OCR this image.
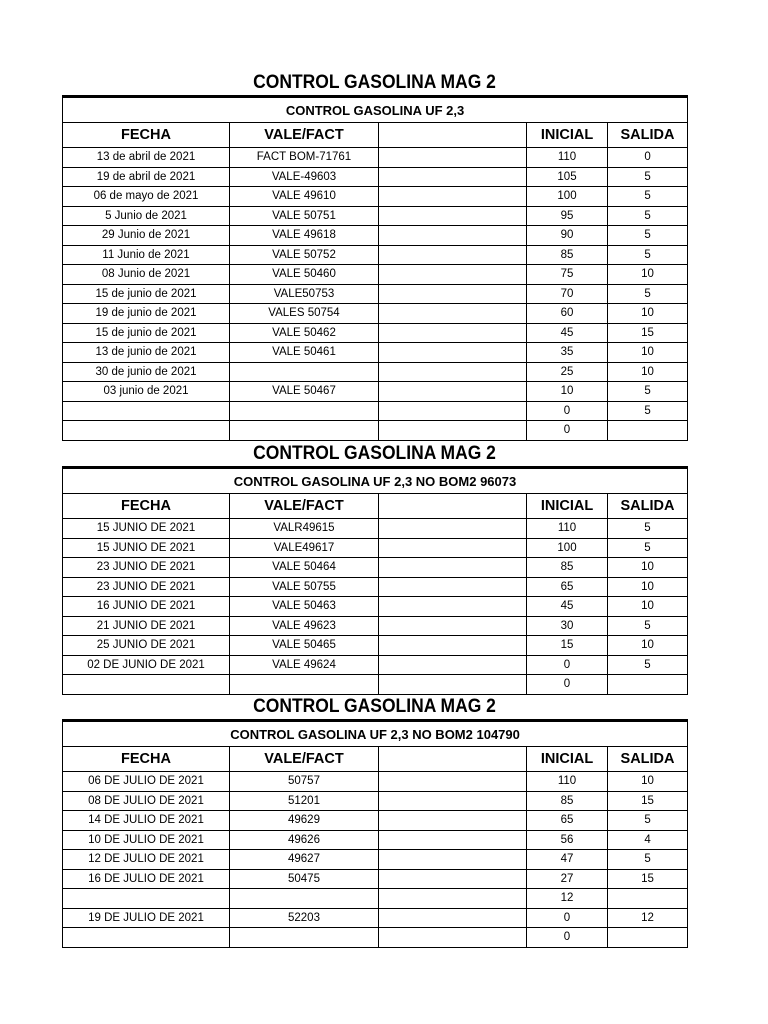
CONTROL GASOLINA MAG 2
CONTROL GASOLINA UF 2,3				
FECHA	VALE/FACT		INICIAL	SALIDA
13 de abril de 2021	FACT BOM-71761		110	0
19 de abril de 2021	VALE-49603		105	5
06 de mayo de 2021	VALE 49610		100	5
5 Junio de 2021	VALE 50751		95	5
29 Junio de 2021	VALE 49618		90	5
11 Junio de 2021	VALE 50752		85	5
08 Junio de 2021	VALE 50460		75	10
15 de junio de 2021	VALE50753		70	5
19 de junio de 2021	VALES 50754		60	10
15 de junio de 2021	VALE 50462		45	15
13 de junio de 2021	VALE 50461		35	10
30 de junio de 2021			25	10
03 junio de 2021	VALE 50467		10	5
			0	5
			0	
CONTROL GASOLINA MAG 2
CONTROL GASOLINA UF 2,3 NO BOM2 96073				
FECHA	VALE/FACT		INICIAL	SALIDA
15 JUNIO DE 2021	VALR49615		110	5
15 JUNIO DE 2021	VALE49617		100	5
23 JUNIO DE 2021	VALE 50464		85	10
23 JUNIO DE 2021	VALE 50755		65	10
16 JUNIO DE 2021	VALE 50463		45	10
21 JUNIO DE 2021	VALE 49623		30	5
25 JUNIO DE 2021	VALE 50465		15	10
02 DE JUNIO DE 2021	VALE 49624		0	5
			0	
CONTROL GASOLINA MAG 2
CONTROL GASOLINA UF 2,3 NO BOM2 104790				
FECHA	VALE/FACT		INICIAL	SALIDA
06 DE JULIO DE 2021	50757		110	10
08 DE JULIO DE 2021	51201		85	15
14 DE JULIO DE 2021	49629		65	5
10 DE JULIO DE 2021	49626		56	4
12 DE JULIO DE 2021	49627		47	5
16 DE JULIO DE 2021	50475		27	15
			12	
19 DE JULIO DE 2021	52203		0	12
			0	
